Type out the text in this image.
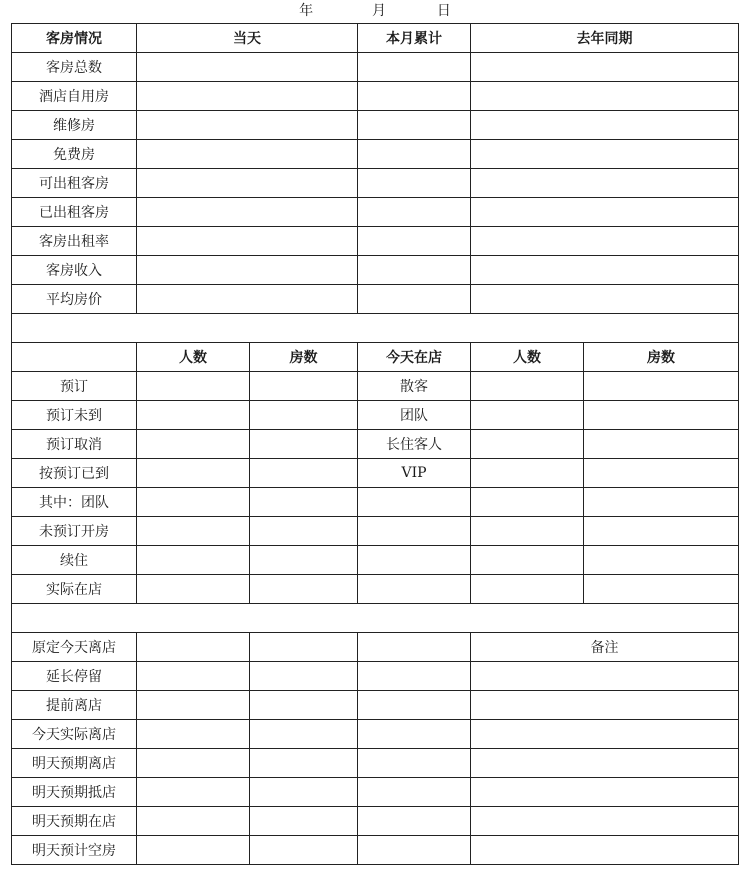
年	月	日
客房情况	当天		本月累计	去年同期	
客房总数					
酒店自用房					
维修房					
免费房					
可出租客房					
已出租客房					
客房出租率					
客房收入					
平均房价					

	人数	房数	今天在店	人数	房数
预订			散客		
预订未到			团队		
预订取消			长住客人		
按预订已到			VIP		
其中：团队					
未预订开房					
续住					
实际在店					

原定今天离店				备注	
延长停留					
提前离店					
今天实际离店					
明天预期离店					
明天预期抵店					
明天预期在店					
明天预计空房					
